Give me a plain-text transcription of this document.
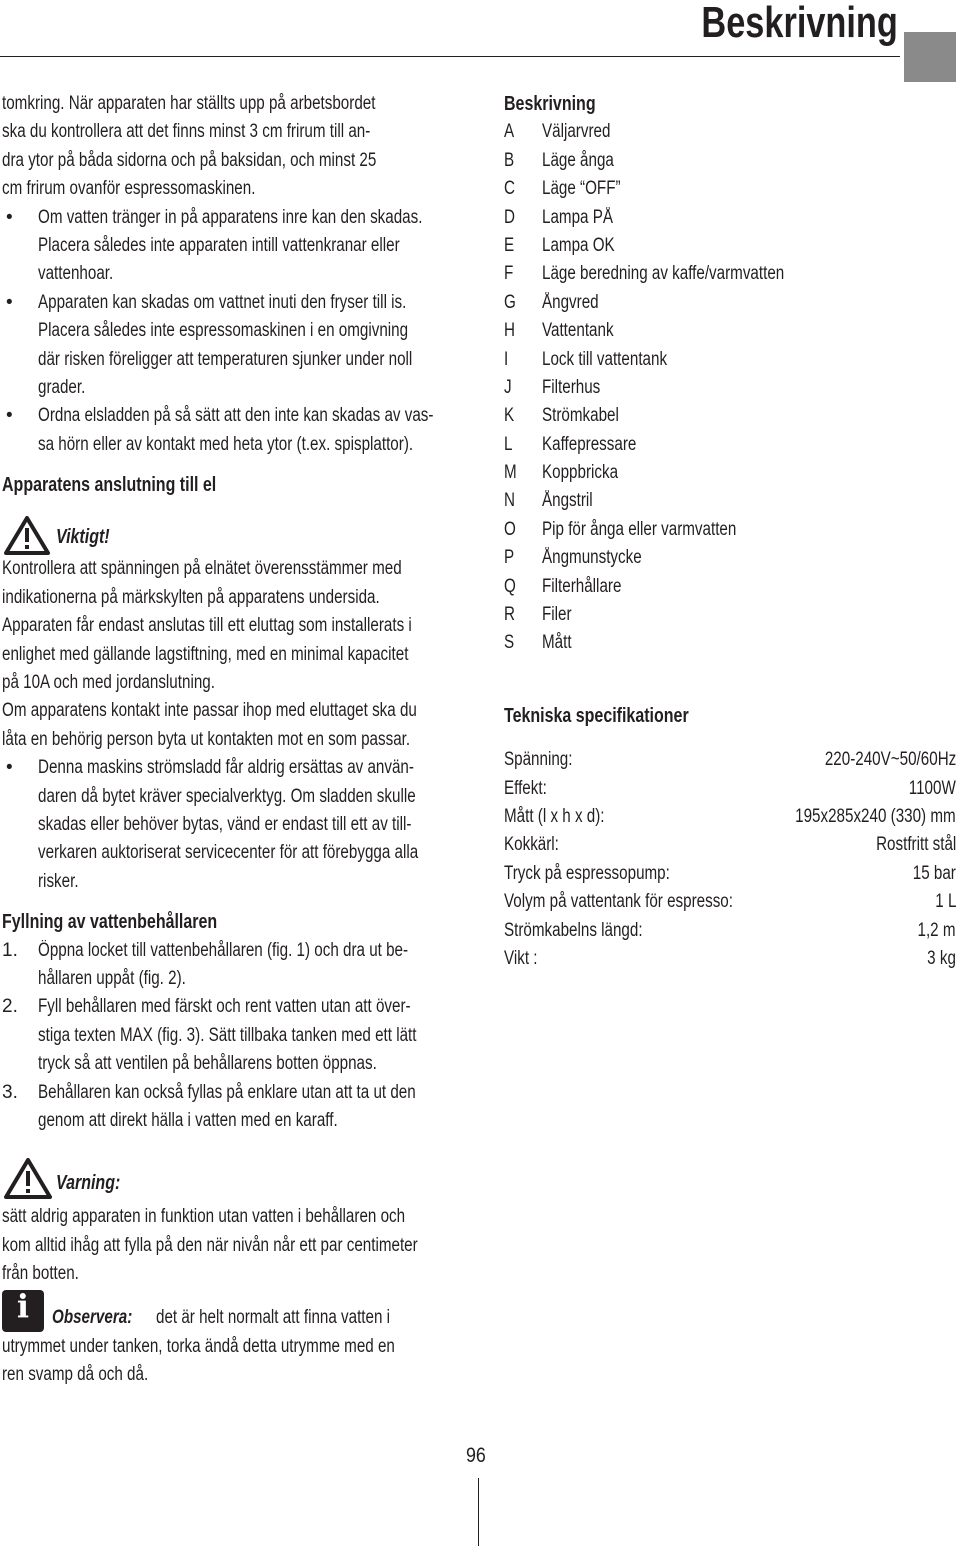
Beskrivning
tomkring. När apparaten har ställts upp på arbetsbordet
ska du kontrollera att det finns minst 3 cm frirum till an-
dra ytor på båda sidorna och på baksidan, och minst 25
cm frirum ovanför espressomaskinen.
• Om vatten tränger in på apparatens inre kan den skadas.
Placera således inte apparaten intill vattenkranar eller
vattenhoar.
• Apparaten kan skadas om vattnet inuti den fryser till is.
Placera således inte espressomaskinen i en omgivning
där risken föreligger att temperaturen sjunker under noll
grader.
• Ordna elsladden på så sätt att den inte kan skadas av vas-
sa hörn eller av kontakt med heta ytor (t.ex. spisplattor).
Apparatens anslutning till el
Viktigt!
Kontrollera att spänningen på elnätet överensstämmer med
indikationerna på märkskylten på apparatens undersida.
Apparaten får endast anslutas till ett eluttag som installerats i
enlighet med gällande lagstiftning, med en minimal kapacitet
på 10A och med jordanslutning.
Om apparatens kontakt inte passar ihop med eluttaget ska du
låta en behörig person byta ut kontakten mot en som passar.
• Denna maskins strömsladd får aldrig ersättas av använ-
daren då bytet kräver specialverktyg. Om sladden skulle
skadas eller behöver bytas, vänd er endast till ett av till-
verkaren auktoriserat servicecenter för att förebygga alla
risker.
Fyllning av vattenbehållaren
1. Öppna locket till vattenbehållaren (fig. 1) och dra ut be-
hållaren uppåt (fig. 2).
2. Fyll behållaren med färskt och rent vatten utan att över-
stiga texten MAX (fig. 3). Sätt tillbaka tanken med ett lätt
tryck så att ventilen på behållarens botten öppnas.
3. Behållaren kan också fyllas på enklare utan att ta ut den
genom att direkt hälla i vatten med en karaff.
Varning:
sätt aldrig apparaten in funktion utan vatten i behållaren och
kom alltid ihåg att fylla på den när nivån når ett par centimeter
från botten.
i	Observera:	det är helt normalt att finna vatten i
utrymmet under tanken, torka ändå detta utrymme med en
ren svamp då och då.
Beskrivning
A Väljarvred
B Läge ånga
C Läge “OFF”
D Lampa PÅ
E Lampa OK
F Läge beredning av kaffe/varmvatten
G Ångvred
H Vattentank
I Lock till vattentank
J Filterhus
K Strömkabel
L Kaffepressare
M Koppbricka
N Ångstril
O Pip för ånga eller varmvatten
P Ångmunstycke
Q Filterhållare
R Filer
S Mått
Tekniska specifikationer
Spänning:	220-240V~50/60Hz
Effekt:	1100W
Mått (l x h x d):	195x285x240 (330) mm
Kokkärl:	Rostfritt stål
Tryck på espressopump:	15 bar
Volym på vattentank för espresso:	1 L
Strömkabelns längd:	1,2 m
Vikt :	3 kg
96
